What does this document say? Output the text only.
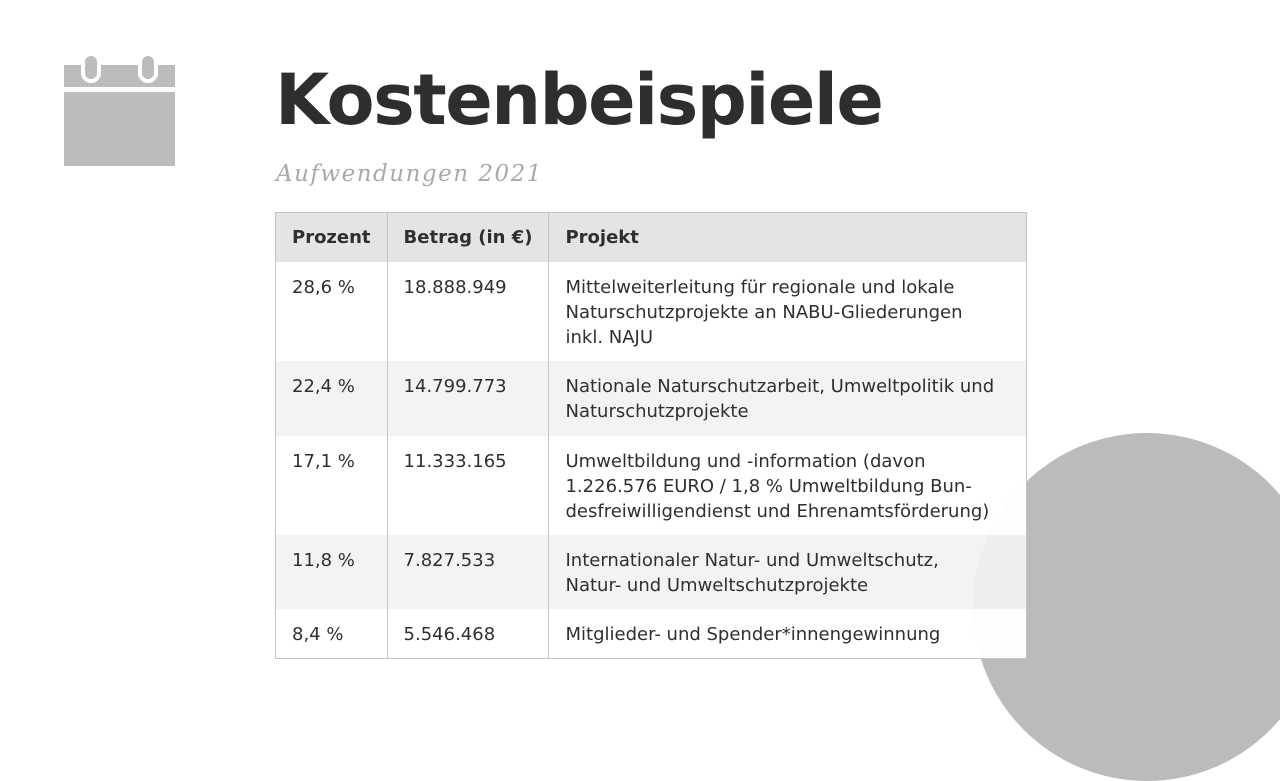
Kostenbeispiele
Aufwendungen 2021
Prozent	Betrag (in €)	Projekt
28,6 %	18.888.949	Mittelweiterleitung für regionale und lokale
Naturschutzprojekte an NABU-Gliederungen
inkl. NAJU

22,4 %	14.799.773	Nationale Naturschutzarbeit, Umweltpolitik und
Naturschutzprojekte

17,1 %	11.333.165	Umweltbildung und -information (davon
1.226.576 EURO / 1,8 % Umweltbildung Bun-
desfreiwilligendienst und Ehrenamtsförderung)

11,8 %	7.827.533	Internationaler Natur- und Umweltschutz,
Natur- und Umweltschutzprojekte

8,4 %	5.546.468	Mitglieder- und Spender*innengewinnung
